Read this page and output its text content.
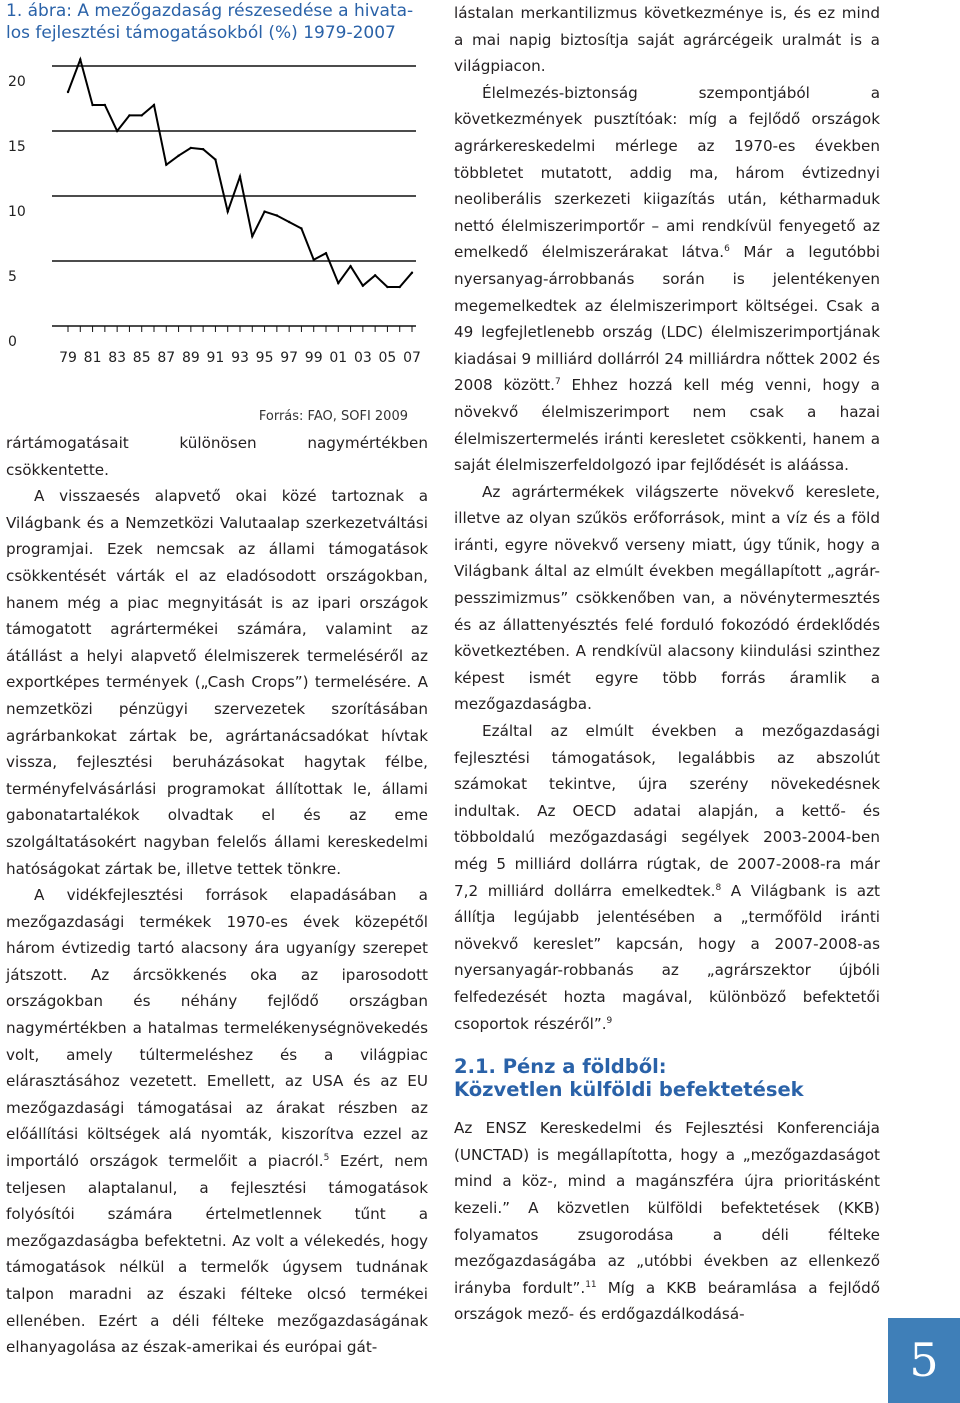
1. ábra: A mezőgazdaság részesedése a hivata-
los fejlesztési támogatásokból (%) 1979-2007

0
5
10
15
20
79 81 83 85 87 89 91 93 95 97 99 01 03 05 07
Forrás: FAO, SOFI 2009

rártámogatásait különösen nagymértékben csökkentette.

A visszaesés alapvető okai közé tartoznak a Világbank és a Nemzetközi Valutaalap szerkezetváltási programjai. Ezek nemcsak az állami támogatások csökkentését várták el az eladósodott országokban, hanem még a piac megnyitását is az ipari országok támogatott agrártermékei számára, valamint az átállást a helyi alapvető élelmiszerek termeléséről az exportképes termények („Cash Crops”) termelésére. A nemzetközi pénzügyi szervezetek szorításában agrárbankokat zártak be, agrártanácsadókat hívtak vissza, fejlesztési beruházásokat hagytak félbe, terményfelvásárlási programokat állítottak le, állami gabonatartalékok olvadtak el és az eme szolgáltatásokért nagyban felelős állami kereskedelmi hatóságokat zártak be, illetve tettek tönkre.

A vidékfejlesztési források elapadásában a mezőgazdasági termékek 1970-es évek közepétől három évtizedig tartó alacsony ára ugyanígy szerepet játszott. Az árcsökkenés oka az iparosodott országokban és néhány fejlődő országban nagymértékben a hatalmas termelékenységnövekedés volt, amely túltermeléshez és a világpiac elárasztásához vezetett. Emellett, az USA és az EU mezőgazdasági támogatásai az árakat részben az előállítási költségek alá nyomták, kiszorítva ezzel az importáló országok termelőit a piacról.$^5$ Ezért, nem teljesen alaptalanul, a fejlesztési támogatások folyósítói számára értelmetlennek tűnt a mezőgazdaságba befektetni. Az volt a vélekedés, hogy támogatások nélkül a termelők úgysem tudnának talpon maradni az északi félteke olcsó termékei ellenében. Ezért a déli félteke mezőgazdaságának elhanyagolása az észak-amerikai és európai gát-

lástalan merkantilizmus következménye is, és ez mind a mai napig biztosítja saját agrárcégeik uralmát is a világpiacon.

Élelmezés-biztonság szempontjából a következmények pusztítóak: míg a fejlődő országok agrárkereskedelmi mérlege az 1970-es években többletet mutatott, addig ma, három évtizednyi neoliberális szerkezeti kiigazítás után, kétharmaduk nettó élelmiszerimportőr – ami rendkívül fenyegető az emelkedő élelmiszerárakat látva.$^6$ Már a legutóbbi nyersanyag-árrobbanás során is jelentékenyen megemelkedtek az élelmiszerimport költségei. Csak a 49 legfejletlenebb ország (LDC) élelmiszerimportjának kiadásai 9 milliárd dollárról 24 milliárdra nőttek 2002 és 2008 között.$^7$ Ehhez hozzá kell még venni, hogy a növekvő élelmiszerimport nem csak a hazai élelmiszertermelés iránti keresletet csökkenti, hanem a saját élelmiszerfeldolgozó ipar fejlődését is aláássa.

Az agrártermékek világszerte növekvő kereslete, illetve az olyan szűkös erőforrások, mint a víz és a föld iránti, egyre növekvő verseny miatt, úgy tűnik, hogy a Világbank által az elmúlt években megállapított „agrár-pesszimizmus” csökkenőben van, a növénytermesztés és az állattenyésztés felé forduló fokozódó érdeklődés következtében. A rendkívül alacsony kiindulási szinthez képest ismét egyre több forrás áramlik a mezőgazdaságba.

Ezáltal az elmúlt években a mezőgazdasági fejlesztési támogatások, legalábbis az abszolút számokat tekintve, újra szerény növekedésnek indultak. Az OECD adatai alapján, a kettő- és többoldalú mezőgazdasági segélyek 2003-2004-ben még 5 milliárd dollárra rúgtak, de 2007-2008-ra már 7,2 milliárd dollárra emelkedtek.$^8$ A Világbank is azt állítja legújabb jelentésében a „termőföld iránti növekvő kereslet” kapcsán, hogy a 2007-2008-as nyersanyagár-robbanás az „agrárszektor újbóli felfedezését hozta magával, különböző befektetői csoportok részéről”.$^9$

2.1. Pénz a földből:
Közvetlen külföldi befektetések

Az ENSZ Kereskedelmi és Fejlesztési Konferenciája (UNCTAD) is megállapította, hogy a „mezőgazdaságot mind a köz-, mind a magánszféra újra prioritásként kezeli.” A közvetlen külföldi befektetések (KKB) folyamatos zsugorodása a déli félteke mezőgazdaságába az „utóbbi években az ellenkező irányba fordult”.$^{11}$ Míg a KKB beáramlása a fejlődő országok mező- és erdőgazdálkodásá-

5
